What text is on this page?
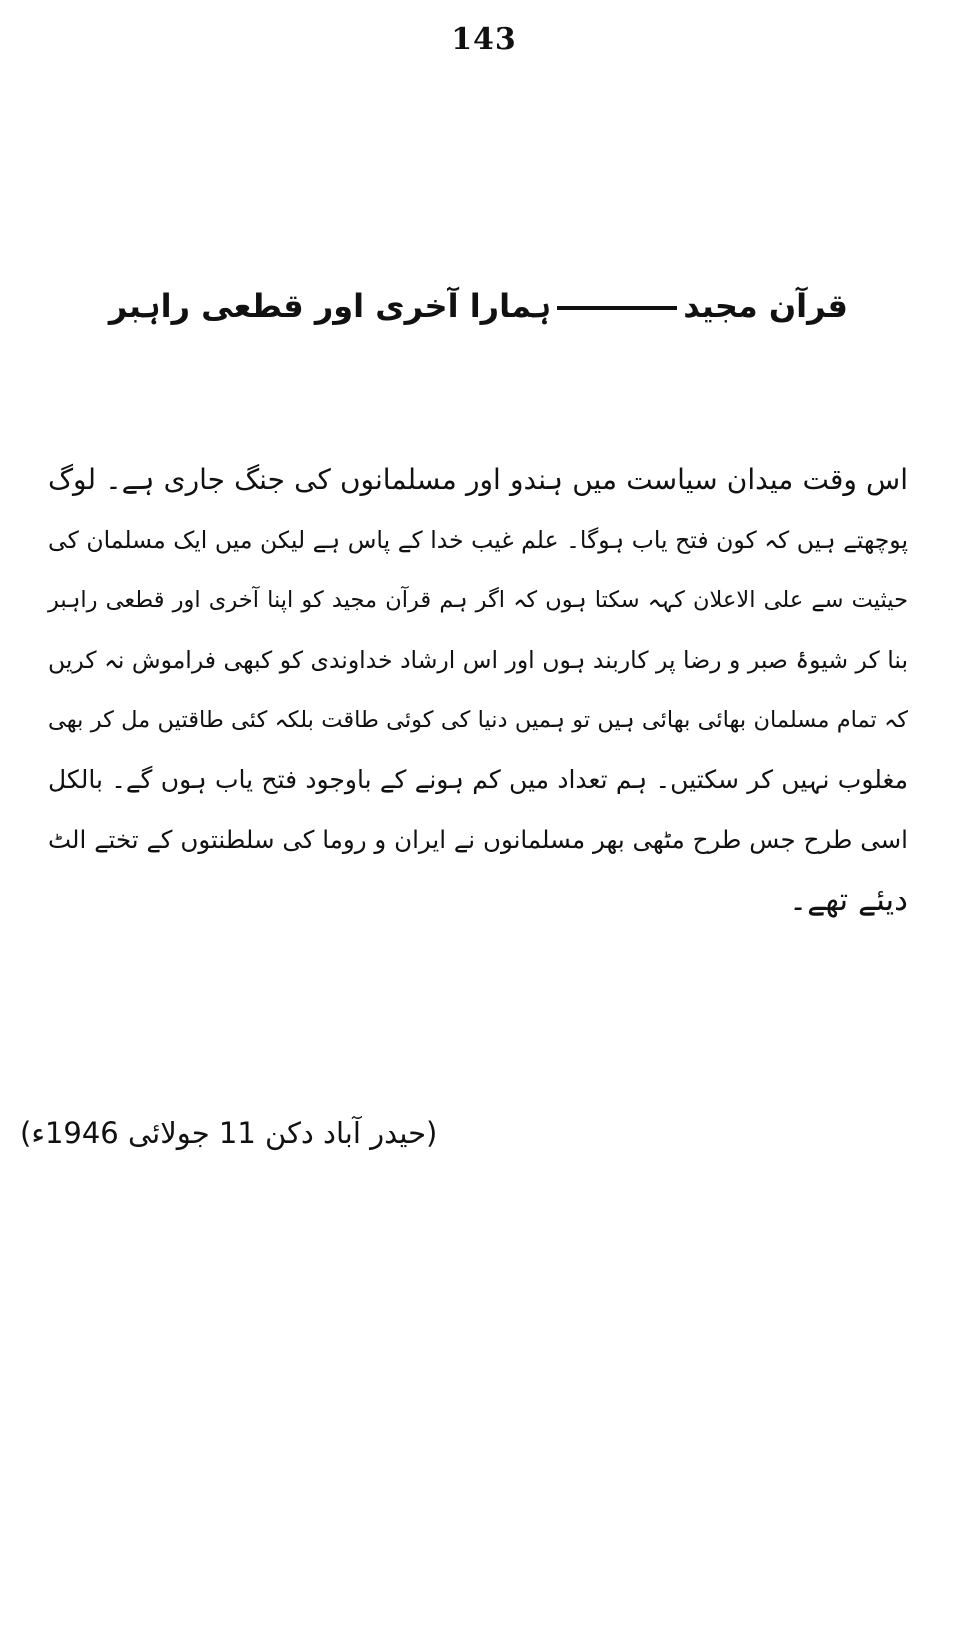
143
قرآن مجیدہمارا آخری اور قطعی راہبر
اس وقت میدان سیاست میں ہندو اور مسلمانوں کی جنگ جاری ہے۔ لوگ
پوچھتے ہیں کہ کون فتح یاب ہوگا۔ علم غیب خدا کے پاس ہے لیکن میں ایک مسلمان کی
حیثیت سے علی الاعلان کہہ سکتا ہوں کہ اگر ہم قرآن مجید کو اپنا آخری اور قطعی راہبر
بنا کر شیوۂ صبر و رضا پر کاربند ہوں اور اس ارشاد خداوندی کو کبھی فراموش نہ کریں
کہ تمام مسلمان بھائی بھائی ہیں تو ہمیں دنیا کی کوئی طاقت بلکہ کئی طاقتیں مل کر بھی
مغلوب نہیں کر سکتیں۔ ہم تعداد میں کم ہونے کے باوجود فتح یاب ہوں گے۔ بالکل
اسی طرح جس طرح مٹھی بھر مسلمانوں نے ایران و روما کی سلطنتوں کے تختے الٹ
دیئے تھے۔
(حیدر آباد دکن 11 جولائی 1946ء)
